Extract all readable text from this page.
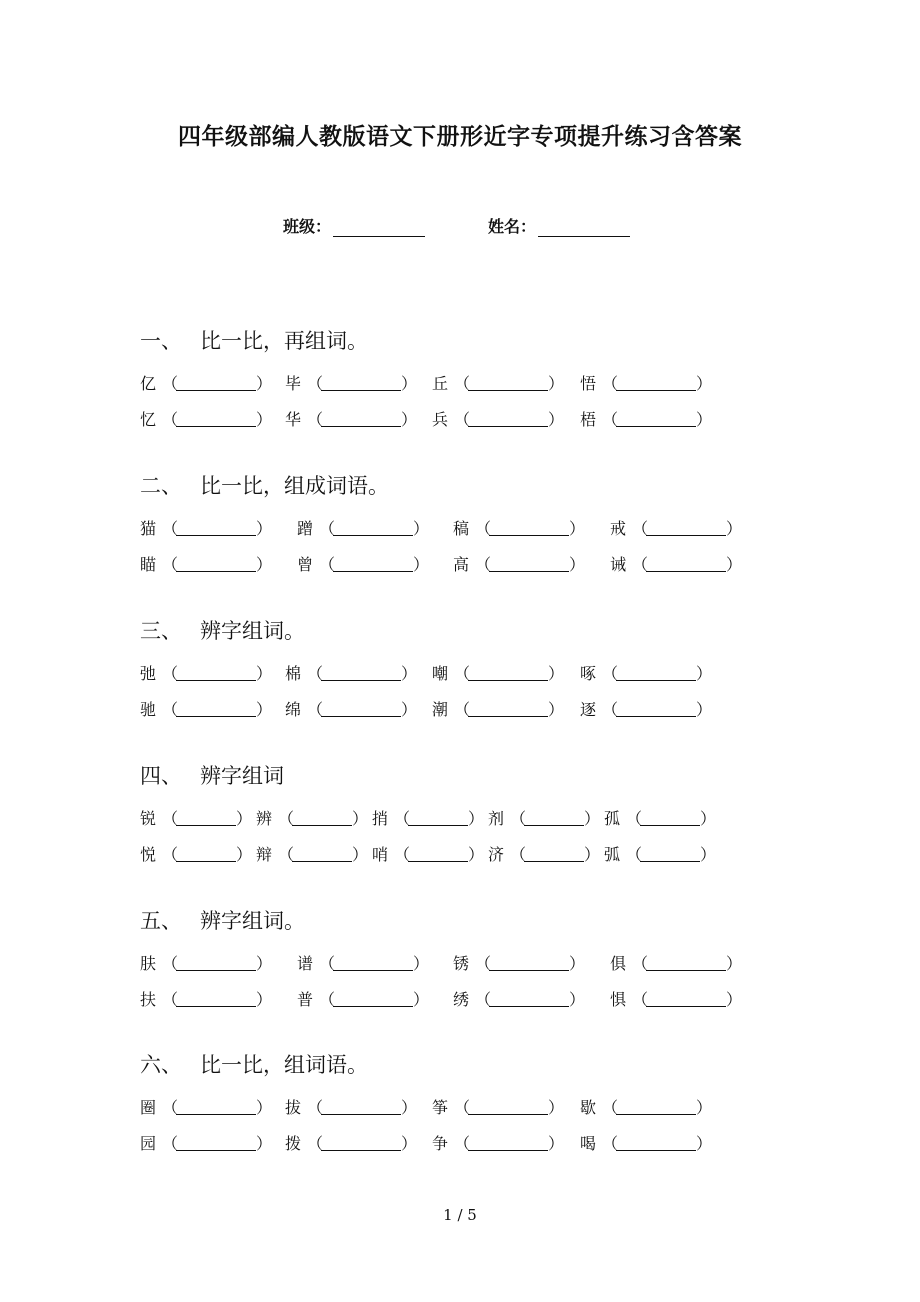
四年级部编人教版语文下册形近字专项提升练习含答案
班级：	姓名：
一、 比一比，再组词。
亿 （	） 毕 （	） 丘 （	） 悟 （	）
忆 （	） 华 （	） 兵 （	） 梧 （	）
二、 比一比，组成词语。
猫 （	） 蹭 （	） 稿 （	） 戒 （	）
瞄 （	） 曾 （	） 高 （	） 诫 （	）
三、 辨字组词。
弛 （	） 棉 （	） 嘲 （	） 啄 （	）
驰 （	） 绵 （	） 潮 （	） 逐 （	）
四、 辨字组词
锐 （	） 辨 （	） 捎 （	） 剂 （	） 孤 （	）
悦 （	） 辩 （	） 哨 （	） 济 （	） 弧 （	）
五、 辨字组词。
肤 （	） 谱 （	） 锈 （	） 俱 （	）
扶 （	） 普 （	） 绣 （	） 惧 （	）
六、 比一比，组词语。
圈 （	） 拔 （	） 筝 （	） 歇 （	）
园 （	） 拨 （	） 争 （	） 喝 （	）
1 / 5
